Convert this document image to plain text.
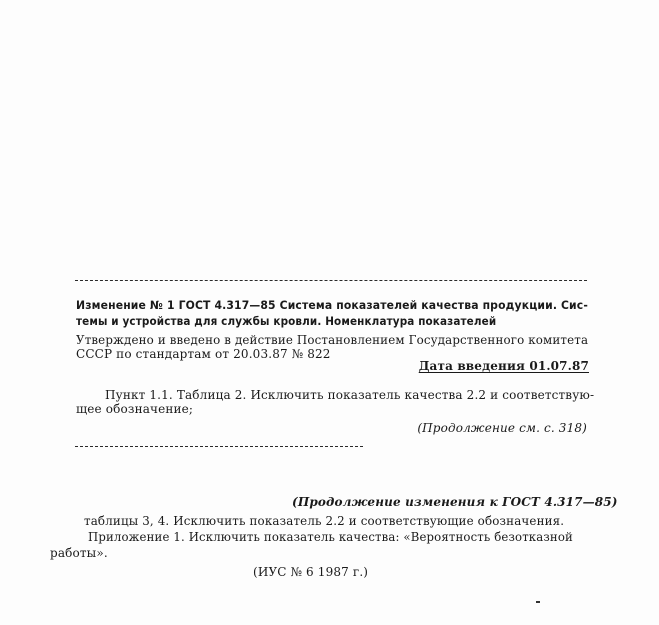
Изменение № 1 ГОСТ 4.317—85 Система показателей качества продукции. Сис-
темы и устройства для службы кровли. Номенклатура показателей
Утверждено и введено в действие Постановлением Государственного комитета
СССР по стандартам от 20.03.87 № 822
Дата введения 01.07.87
Пункт 1.1. Таблица 2. Исключить показатель качества 2.2 и соответствую-
щее обозначение;
(Продолжение см. с. 318)
(Продолжение изменения к ГОСТ 4.317—85)
таблицы 3, 4. Исключить показатель 2.2 и соответствующие обозначения.
Приложение 1. Исключить показатель качества: «Вероятность безотказной
работы».
(ИУС № 6 1987 г.)
